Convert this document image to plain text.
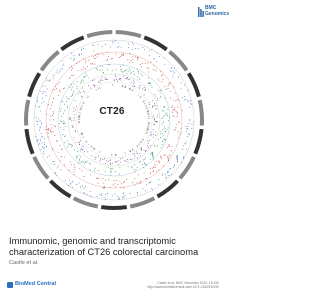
BMC
Genomics
CT26
Immunomic, genomic and transcriptomic characterization of CT26 colorectal carcinoma
Castle et al.
BioMed Central	Castle et al. BMC Genomics 2014, 15:190
http://www.biomedcentral.com/1471-2164/15/190
